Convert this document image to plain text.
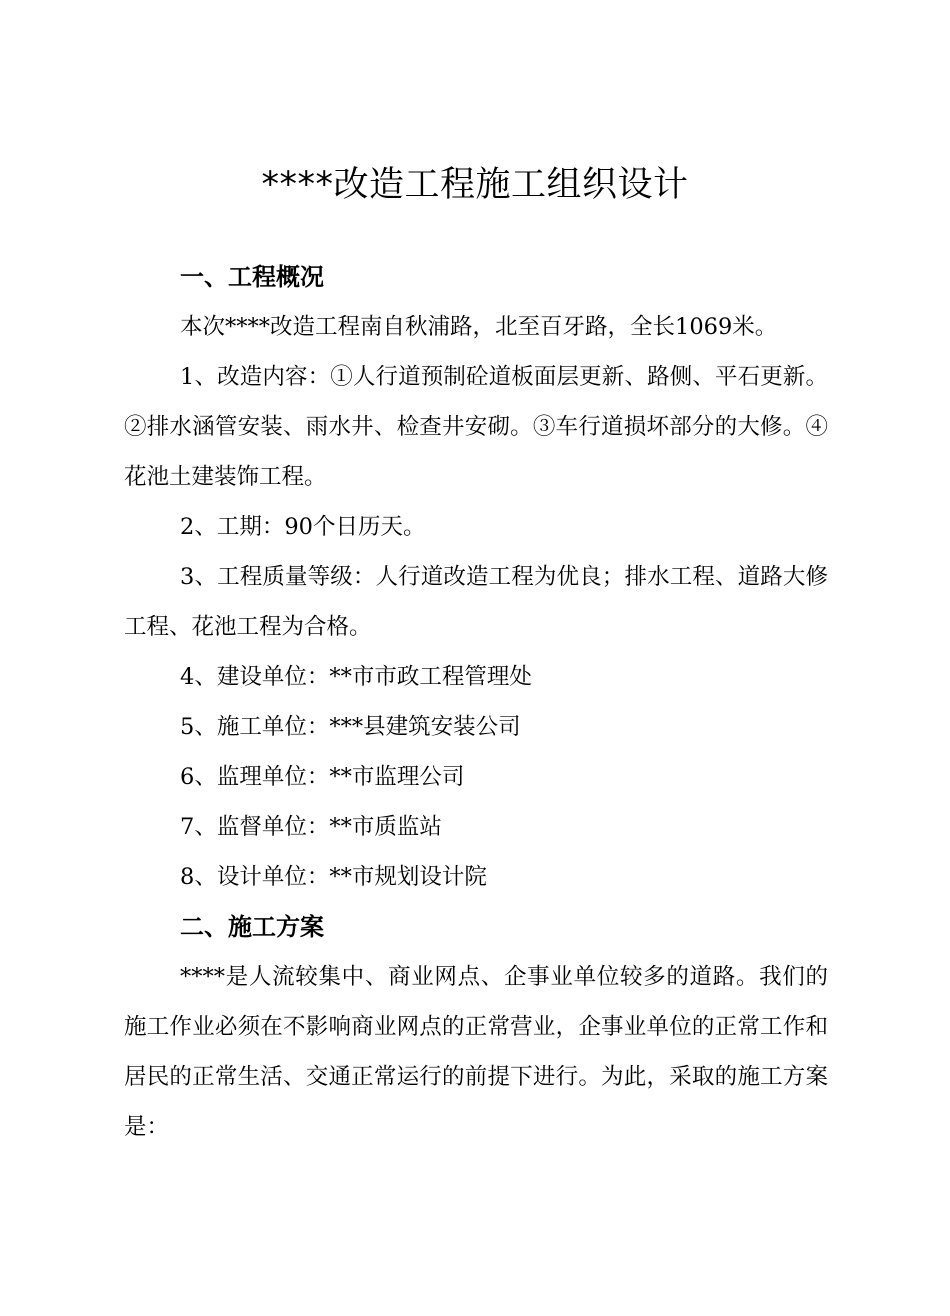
****改造工程施工组织设计
一、工程概况

本次****改造工程南自秋浦路，北至百牙路，全长1069米。

1、改造内容：①人行道预制砼道板面层更新、路侧、平石更新。②排水涵管安装、雨水井、检查井安砌。③车行道损坏部分的大修。④花池土建装饰工程。

2、工期：90个日历天。

3、工程质量等级：人行道改造工程为优良；排水工程、道路大修工程、花池工程为合格。

4、建设单位：**市市政工程管理处

5、施工单位：***县建筑安装公司

6、监理单位：**市监理公司

7、监督单位：**市质监站

8、设计单位：**市规划设计院

二、施工方案

****是人流较集中、商业网点、企事业单位较多的道路。我们的施工作业必须在不影响商业网点的正常营业，企事业单位的正常工作和居民的正常生活、交通正常运行的前提下进行。为此，采取的施工方案是：
